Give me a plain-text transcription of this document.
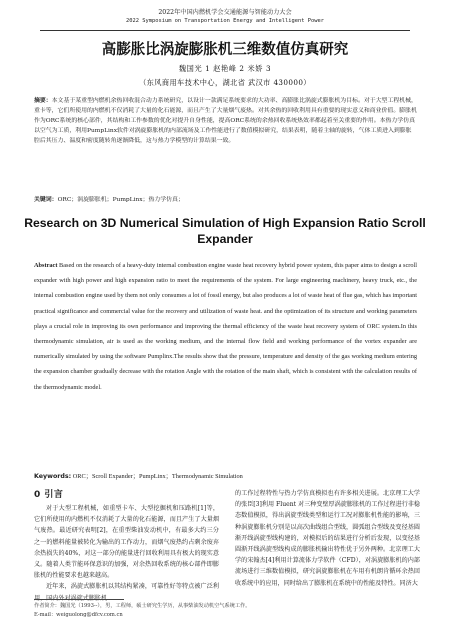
2022年中国内燃机学会交通能源与智能动力大会
2022 Symposium on Transportation Energy and Intelligent Power
高膨胀比涡旋膨胀机三维数值仿真研究
魏国光 1 赵艳峰 2 米娇 3
（东风商用车技术中心，湖北省 武汉市 430000）
摘要：本文基于某重型内燃机余热回收混合动力系统研究，以设计一款满足系统要求的大功率、高膨胀比涡旋式膨胀机为目标。对于大型工程机械，重卡等，它们所使用的内燃机不仅消耗了大量的化石能源，而且产生了大量烟气废热。对其余热的回收利用具有重要的现实意义和商业价值。膨胀机作为ORC系统的核心部件，其结构和工作参数的优化对提升自身性能，提高ORC系统的余热回收系统热效率都起着至关重要的作用。本热力学仿真以空气为工质，利用PumpLinx软件对涡旋膨胀机的内部流场及工作性能进行了数值模拟研究，结果表明，随着主轴的旋转，气体工质进入到膨胀腔后其压力、温度和密度随转角逐渐降低，这与热力学模型的计算结果一致。
关键词：ORC；涡旋膨胀机；PumpLinx；热力学仿真；
Research on 3D Numerical Simulation of High Expansion Ratio Scroll Expander
Abstract Based on the research of a heavy-duty internal combustion engine waste heat recovery hybrid power system, this paper aims to design a scroll expander with high power and high expansion ratio to meet the requirements of the system. For large engineering machinery, heavy truck, etc., the internal combustion engine used by them not only consumes a lot of fossil energy, but also produces a lot of waste heat of flue gas, which has important practical significance and commercial value for the recovery and utilization of waste heat. and the optimization of its structure and working parameters plays a crucial role in improving its own performance and improving the thermal efficiency of the waste heat recovery system of ORC system.In this thermodynamic simulation, air is used as the working medium, and the internal flow field and working performance of the vortex expander are numerically simulated by using the software Pumplinx.The results show that the pressure, temperature and density of the gas working medium entering the expansion chamber gradually decrease with the rotation Angle with the rotation of the main shaft, which is consistent with the calculation results of the thermodynamic model.
Keywords: ORC；Scroll Expander；PumpLinx；Thermodynamic Simulation
0 引言

对于大型工程机械，如重型卡车、大型挖掘机和压路机[1]等，它们所使用的内燃机不仅消耗了大量的化石能源，而且产生了大量烟气废热。最近研究表明[2]，在重型柴油发动机中，有最多大约三分之一的燃料能量被转化为输出的工作动力，而烟气废热约占剩余废弃余热损失的40%，对这一部分的能量进行回收利用具有极大的现实意义。随着人类节能环保意识的加强，对余热回收系统的核心部件即膨胀机的性能要求也越来越高。

近年来，涡旋式膨胀机以其结构紧凑，可靠性好等特点被广泛利用，国内外对涡旋式膨胀机

的工作过程特性与热力学仿真模拟也有许多相关进展。北京理工大学的张臣[3]利用 Fluent 对三种变壁厚涡旋膨胀机的工作过程进行非稳态数值模拟，得出涡旋型线类型和运行工况对膨胀机性能的影响，三种涡旋膨胀机分别是以高次曲线组合型线，圆弧组合型线及变径基圆渐开线涡旋型线构建的，对模拟后的结果进行分析后发现，以变径基圆渐开线涡旋型线构成的膨胀机输出特性优于另外两种。北京理工大学的宋翰杰[4]利用计算流体力学软件（CFD），对涡旋膨胀机的内部流场进行三维数值模拟，研究涡旋膨胀机在车用有机朗肯循环余热回收系统中的应用，同时给出了膨胀机在系统中的性能及特性。同济大

作者简介：魏国光（1993--），男，工程师，硕士研究生学历，从事柴油发动机空气系统工作。
E-mail：weiguolong@dfcv.com.cn
